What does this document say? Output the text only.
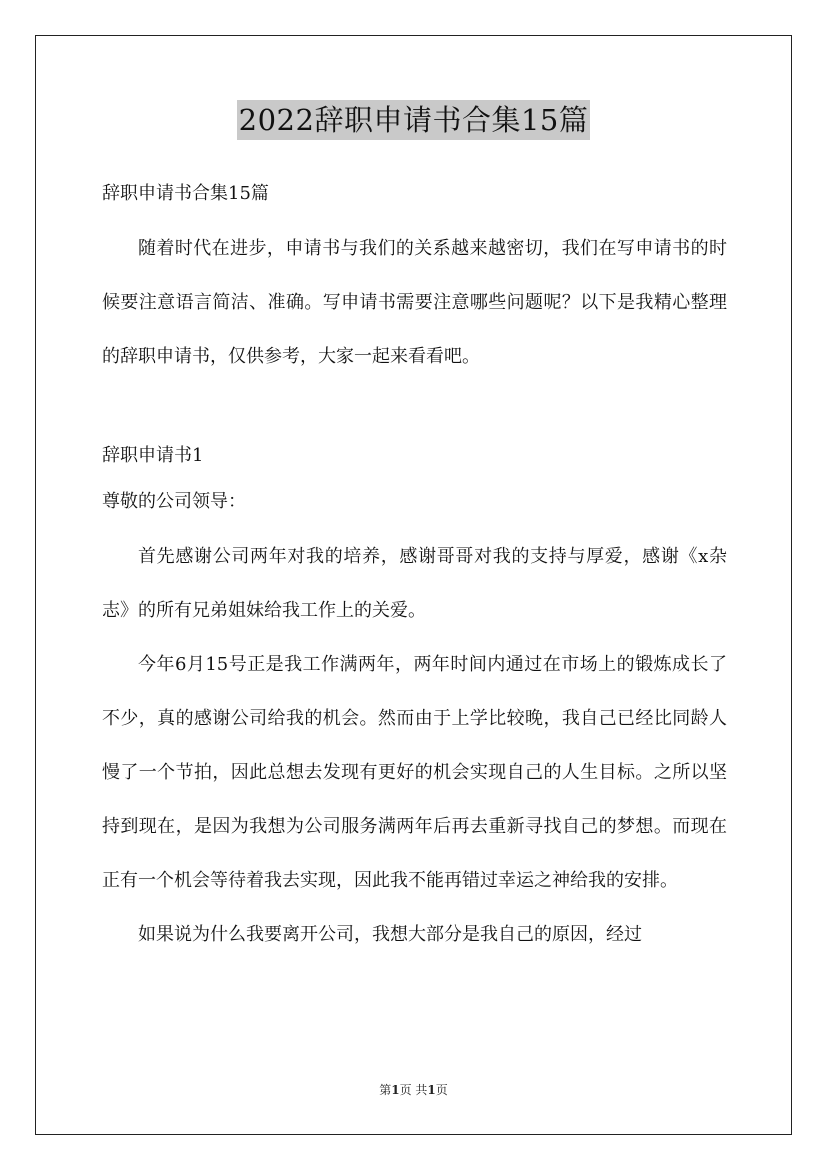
2022辞职申请书合集15篇

辞职申请书合集15篇

随着时代在进步，申请书与我们的关系越来越密切，我们在写申请书的时候要注意语言简洁、准确。写申请书需要注意哪些问题呢？以下是我精心整理的辞职申请书，仅供参考，大家一起来看看吧。

辞职申请书1

尊敬的公司领导：

首先感谢公司两年对我的培养，感谢哥哥对我的支持与厚爱，感谢《x杂志》的所有兄弟姐妹给我工作上的关爱。

今年6月15号正是我工作满两年，两年时间内通过在市场上的锻炼成长了不少，真的感谢公司给我的机会。然而由于上学比较晚，我自己已经比同龄人慢了一个节拍，因此总想去发现有更好的机会实现自己的人生目标。之所以坚持到现在，是因为我想为公司服务满两年后再去重新寻找自己的梦想。而现在正有一个机会等待着我去实现，因此我不能再错过幸运之神给我的安排。

如果说为什么我要离开公司，我想大部分是我自己的原因，经过

第1页 共1页
